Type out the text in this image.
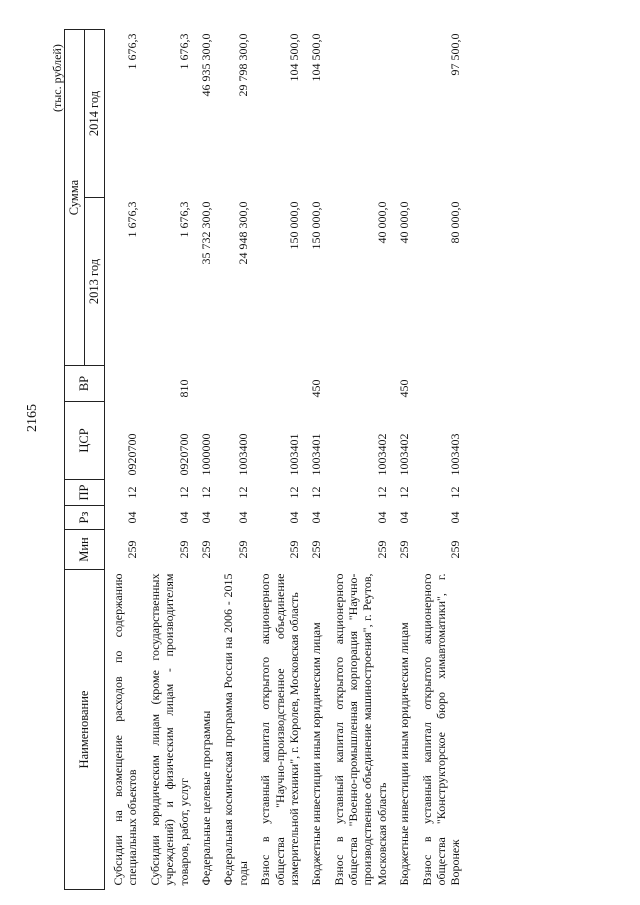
2165
(тыс. рублей)
Наименование	Мин	Рз	ПР	ЦСР	ВР	Сумма	
						2013 год	2014 год
Субсидии на возмещение расходов по содержанию специальных объектов	259	04	12	0920700		1 676,3	1 676,3
Субсидии юридическим лицам (кроме государственных учреждений) и физическим лицам - производителям товаров, работ, услуг	259	04	12	0920700	810	1 676,3	1 676,3
Федеральные целевые программы	259	04	12	1000000		35 732 300,0	46 935 300,0
Федеральная космическая программа России на 2006 - 2015 годы	259	04	12	1003400		24 948 300,0	29 798 300,0
Взнос в уставный капитал открытого акционерного общества "Научно-производственное объединение измерительной техники", г. Королев, Московская область	259	04	12	1003401		150 000,0	104 500,0
Бюджетные инвестиции иным юридическим лицам	259	04	12	1003401	450	150 000,0	104 500,0
Взнос в уставный капитал открытого акционерного общества "Военно-промышленная корпорация "Научно-производственное объединение машиностроения", г. Реутов, Московская область	259	04	12	1003402		40 000,0	
Бюджетные инвестиции иным юридическим лицам	259	04	12	1003402	450	40 000,0	
Взнос в уставный капитал открытого акционерного общества "Конструкторское бюро химавтоматики", г. Воронеж	259	04	12	1003403		80 000,0	97 500,0
